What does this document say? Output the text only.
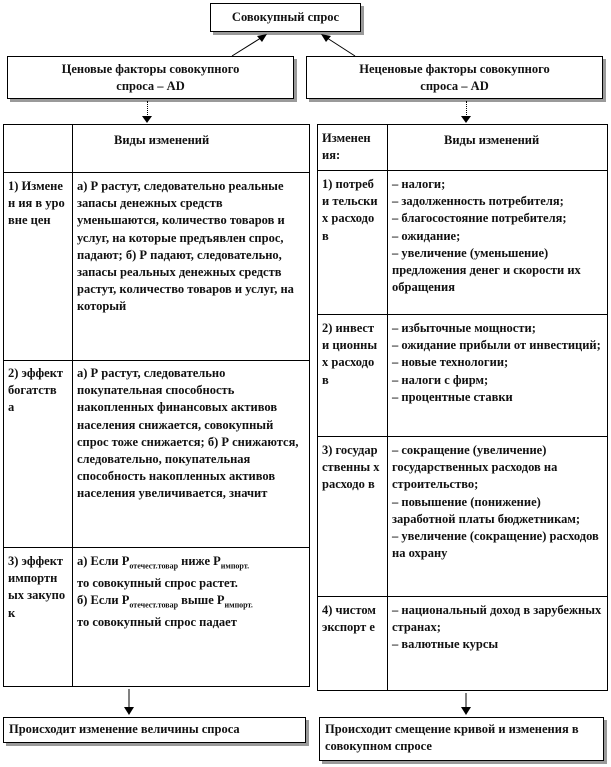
Совокупный спрос
Ценовые факторы совокупного спроса – AD
Неценовые факторы совокупного спроса – AD
Виды изменений
1) Изменен ия в уровне цен
а) Р растут, следовательно реальные запасы денежных средств уменьшаются, количество товаров и услуг, на которые предъявлен спрос, падают; б) Р падают, следовательно, запасы реальных денежных средств растут, количество товаров и услуг, на который
2) эффект богатств а
а) Р растут, следовательно покупательная способность накопленных финансовых активов населения снижается, совокупный спрос тоже снижается; б) Р снижаются, следовательно, покупательная способность накопленных активов населения увеличивается, значит
3) эффект импортн ых закупок
а) Если $Р_{отечест.товар}$ ниже $Р_{импорт.}$
то совокупный спрос растет.
б) Если $Р_{отечест.товар}$ выше $Р_{импорт.}$
то совокупный спрос падает
Изменен ия:
Виды изменений
1) потреби тельски х расходо в
– налоги;
– задолженность потребителя;
– благосостояние потребителя;
– ожидание;
– увеличение (уменьшение) предложения денег и скорости их обращения
2) инвести ционны х расходо в
– избыточные мощности;
– ожидание прибыли от инвестиций;
– новые технологии;
– налоги с фирм;
– процентные ставки
3) государ ственны х расходо в
– сокращение (увеличение) государственных расходов на строительство;
– повышение (понижение) заработной платы бюджетникам;
– увеличение (сокращение) расходов на охрану
4) чистом экспорт е
– национальный доход в зарубежных странах;
– валютные курсы
Происходит изменение величины спроса	Происходит смещение кривой и изменения в совокупном спросе
